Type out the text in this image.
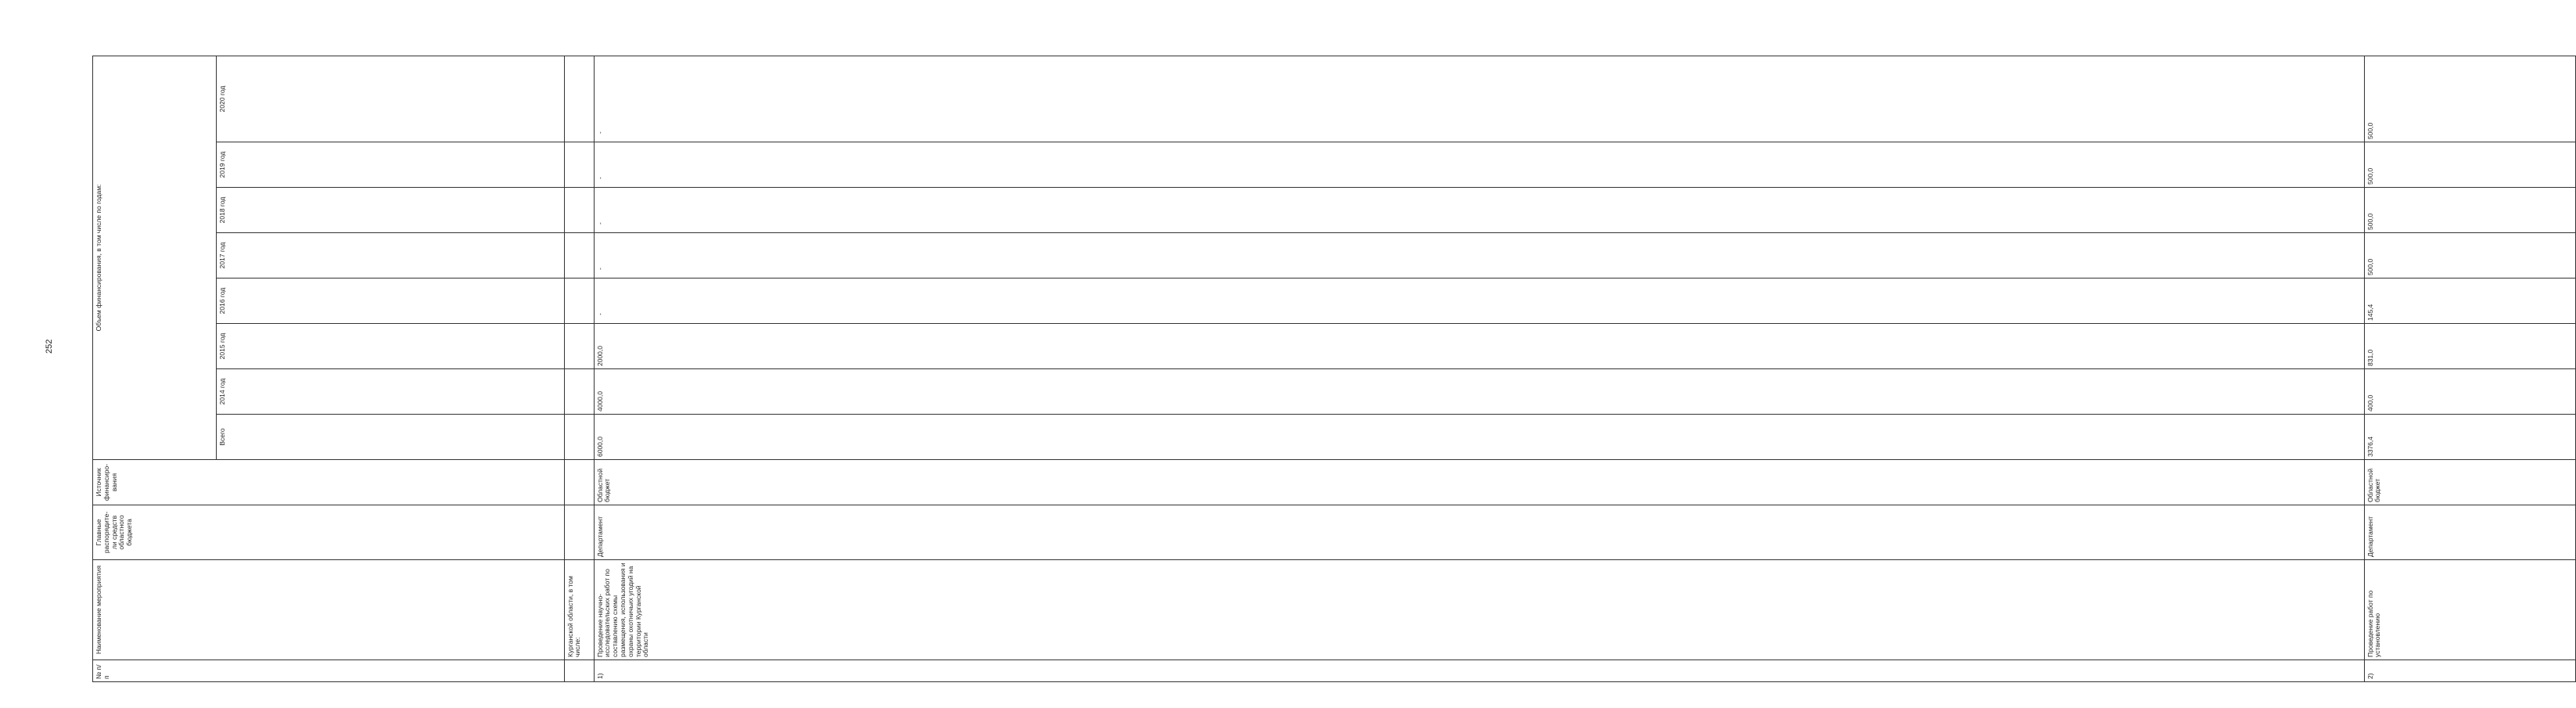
252
№ п/п	Наименование мероприятия	Главные распорядите-ли средств областного бюджета	Источник финансиро-вания	Объем финансирования, в том числе по годам:	
				Всего	2014 год	2015 год	2016 год	2017 год	2018 год	2019 год	2020 год	
	Курганской области, в том числе:											
1)	Проведение научно-исследовательских работ по составлению схемы размещения, использования и охраны охотничьих угодий на территории Курганской области	Департамент	Областной бюджет	6000,0	4000,0	2000,0	-	-	-	-	-	
2)	Проведение работ по установлению	Департамент	Областной бюджет	3376,4	400,0	831,0	145,4	500,0	500,0	500,0	500,0	
